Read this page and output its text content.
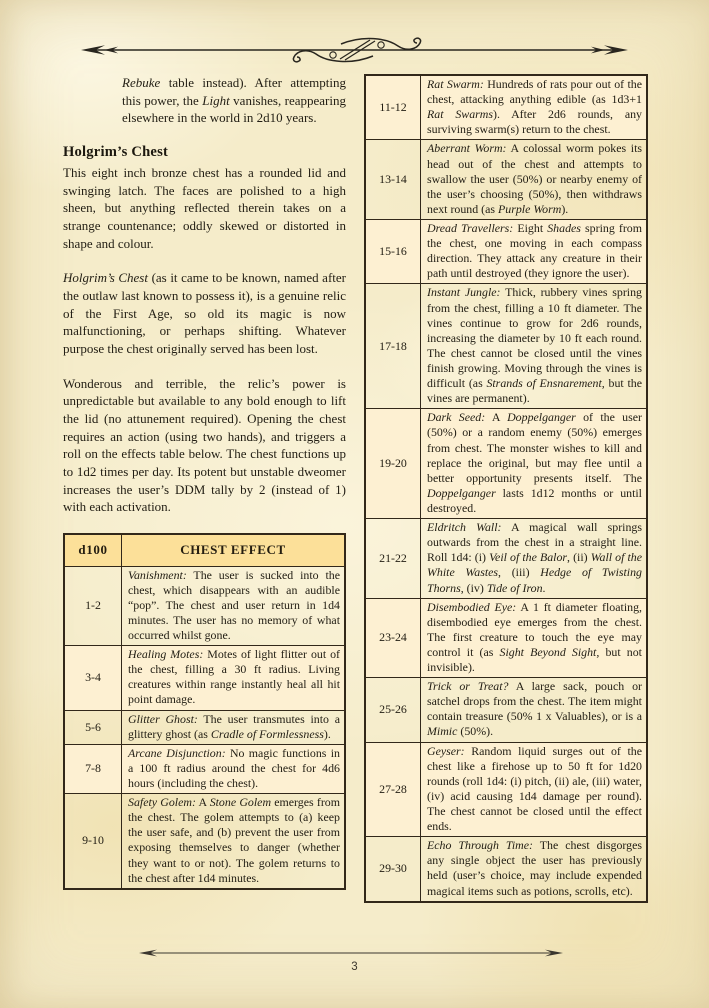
Rebuke table instead). After attempting this power, the Light vanishes, reappearing elsewhere in the world in 2d10 years.

Holgrim’s Chest

This eight inch bronze chest has a rounded lid and swinging latch. The faces are polished to a high sheen, but anything reflected therein takes on a strange countenance; oddly skewed or distorted in shape and colour.

Holgrim’s Chest (as it came to be known, named after the outlaw last known to possess it), is a genuine relic of the First Age, so old its magic is now malfunctioning, or perhaps shifting. Whatever purpose the chest originally served has been lost.

Wonderous and terrible, the relic’s power is unpredictable but available to any bold enough to lift the lid (no attunement required). Opening the chest requires an action (using two hands), and triggers a roll on the effects table below. The chest functions up to 1d2 times per day. Its potent but unstable dweomer increases the user’s DDM tally by 2 (instead of 1) with each activation.

d100	CHEST EFFECT
1-2	Vanishment: The user is sucked into the chest, which disappears with an audible “pop”. The chest and user return in 1d4 minutes. The user has no memory of what occurred whilst gone.
3-4	Healing Motes: Motes of light flitter out of the chest, filling a 30 ft radius. Living creatures within range instantly heal all hit point damage.
5-6	Glitter Ghost: The user transmutes into a glittery ghost (as Cradle of Formlessness).
7-8	Arcane Disjunction: No magic functions in a 100 ft radius around the chest for 4d6 hours (including the chest).
9-10	Safety Golem: A Stone Golem emerges from the chest. The golem attempts to (a) keep the user safe, and (b) prevent the user from exposing themselves to danger (whether they want to or not). The golem returns to the chest after 1d4 minutes.
11-12	Rat Swarm: Hundreds of rats pour out of the chest, attacking anything edible (as 1d3+1 Rat Swarms). After 2d6 rounds, any surviving swarm(s) return to the chest.
13-14	Aberrant Worm: A colossal worm pokes its head out of the chest and attempts to swallow the user (50%) or nearby enemy of the user’s choosing (50%), then withdraws next round (as Purple Worm).
15-16	Dread Travellers: Eight Shades spring from the chest, one moving in each compass direction. They attack any creature in their path until destroyed (they ignore the user).
17-18	Instant Jungle: Thick, rubbery vines spring from the chest, filling a 10 ft diameter. The vines continue to grow for 2d6 rounds, increasing the diameter by 10 ft each round. The chest cannot be closed until the vines finish growing. Moving through the vines is difficult (as Strands of Ensnarement, but the vines are permanent).
19-20	Dark Seed: A Doppelganger of the user (50%) or a random enemy (50%) emerges from chest. The monster wishes to kill and replace the original, but may flee until a better opportunity presents itself. The Doppelganger lasts 1d12 months or until destroyed.
21-22	Eldritch Wall: A magical wall springs outwards from the chest in a straight line. Roll 1d4: (i) Veil of the Balor, (ii) Wall of the White Wastes, (iii) Hedge of Twisting Thorns, (iv) Tide of Iron.
23-24	Disembodied Eye: A 1 ft diameter floating, disembodied eye emerges from the chest. The first creature to touch the eye may control it (as Sight Beyond Sight, but not invisible).
25-26	Trick or Treat? A large sack, pouch or satchel drops from the chest. The item might contain treasure (50% 1 x Valuables), or is a Mimic (50%).
27-28	Geyser: Random liquid surges out of the chest like a firehose up to 50 ft for 1d20 rounds (roll 1d4: (i) pitch, (ii) ale, (iii) water, (iv) acid causing 1d4 damage per round). The chest cannot be closed until the effect ends.
29-30	Echo Through Time: The chest disgorges any single object the user has previously held (user’s choice, may include expended magical items such as potions, scrolls, etc).
3
